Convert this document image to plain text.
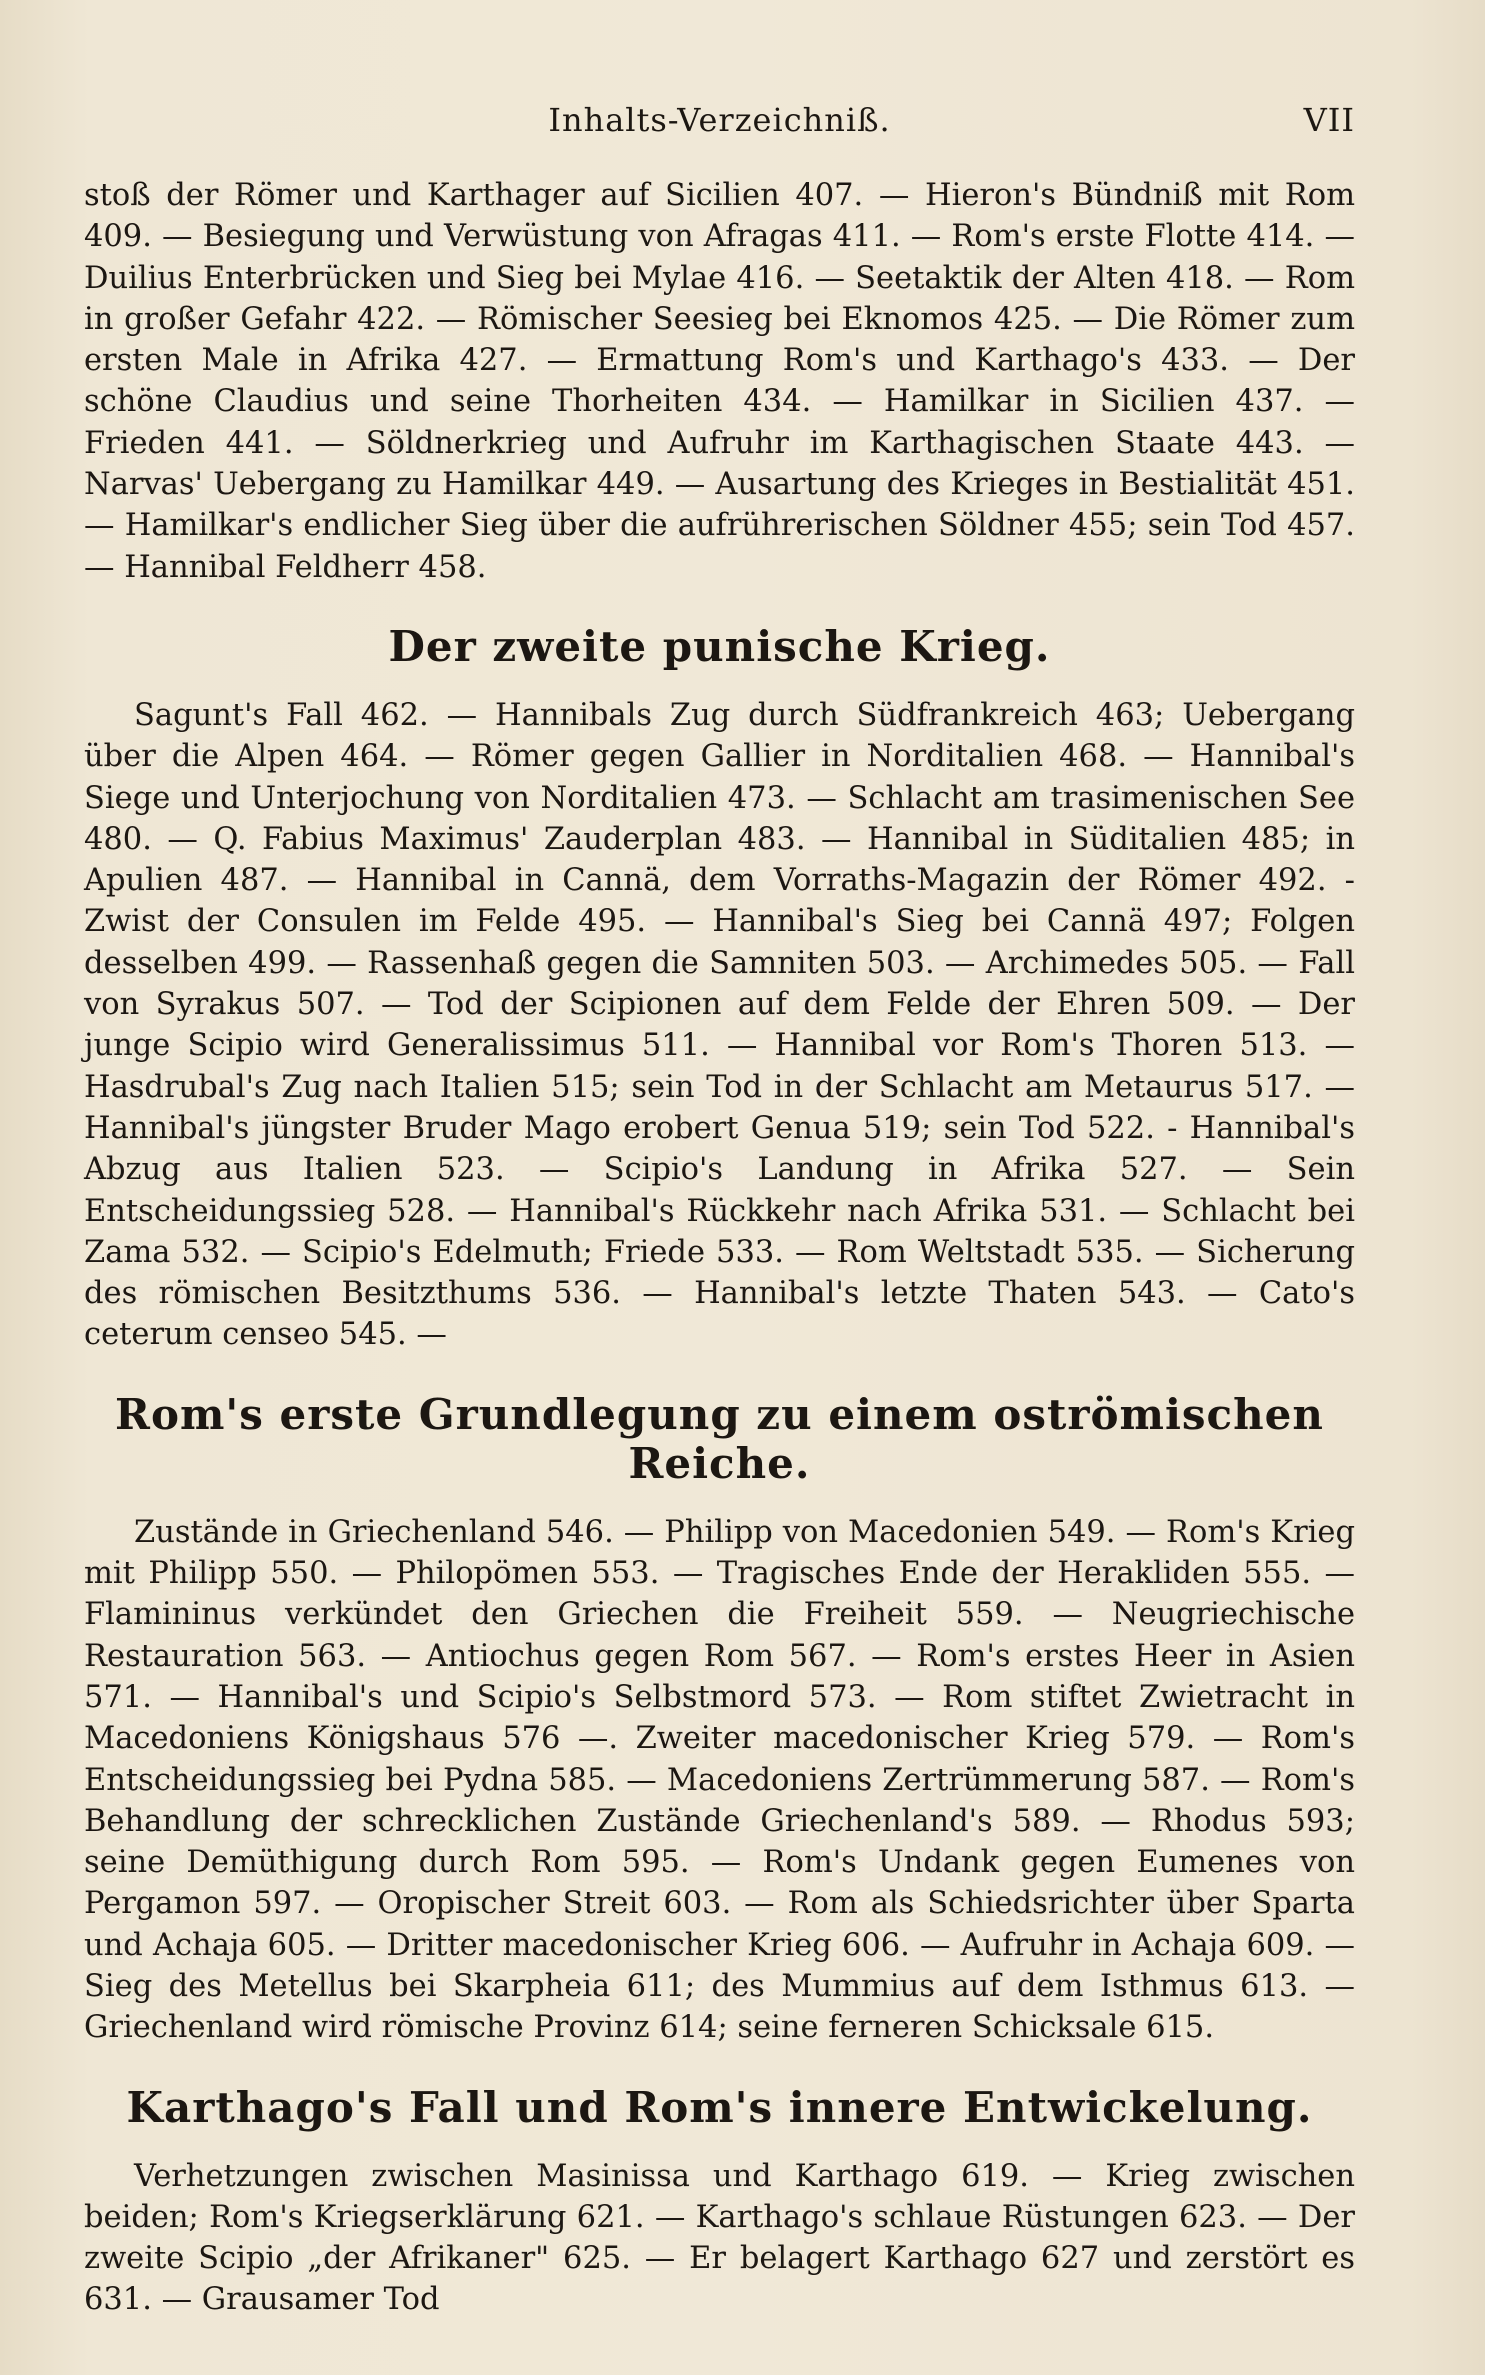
Inhalts-Verzeichniß.	VII

stoß der Römer und Karthager auf Sicilien 407. — Hieron's Bündniß mit Rom 409. — Besiegung und Verwüstung von Afragas 411. — Rom's erste Flotte 414. — Duilius Enterbrücken und Sieg bei Mylae 416. — Seetaktik der Alten 418. — Rom in großer Gefahr 422. — Römischer Seesieg bei Eknomos 425. — Die Römer zum ersten Male in Afrika 427. — Ermattung Rom's und Karthago's 433. — Der schöne Claudius und seine Thorheiten 434. — Hamilkar in Sicilien 437. — Frieden 441. — Söldnerkrieg und Aufruhr im Karthagischen Staate 443. — Narvas' Uebergang zu Hamilkar 449. — Ausartung des Krieges in Bestialität 451. — Hamilkar's endlicher Sieg über die aufrührerischen Söldner 455; sein Tod 457. — Hannibal Feldherr 458.

Der zweite punische Krieg.

Sagunt's Fall 462. — Hannibals Zug durch Südfrankreich 463; Uebergang über die Alpen 464. — Römer gegen Gallier in Norditalien 468. — Hannibal's Siege und Unterjochung von Norditalien 473. — Schlacht am trasimenischen See 480. — Q. Fabius Maximus' Zauderplan 483. — Hannibal in Süditalien 485; in Apulien 487. — Hannibal in Cannä, dem Vorraths-Magazin der Römer 492. - Zwist der Consulen im Felde 495. — Hannibal's Sieg bei Cannä 497; Folgen desselben 499. — Rassenhaß gegen die Samniten 503. — Archimedes 505. — Fall von Syrakus 507. — Tod der Scipionen auf dem Felde der Ehren 509. — Der junge Scipio wird Generalissimus 511. — Hannibal vor Rom's Thoren 513. — Hasdrubal's Zug nach Italien 515; sein Tod in der Schlacht am Metaurus 517. — Hannibal's jüngster Bruder Mago erobert Genua 519; sein Tod 522. - Hannibal's Abzug aus Italien 523. — Scipio's Landung in Afrika 527. — Sein Entscheidungssieg 528. — Hannibal's Rückkehr nach Afrika 531. — Schlacht bei Zama 532. — Scipio's Edelmuth; Friede 533. — Rom Weltstadt 535. — Sicherung des römischen Besitzthums 536. — Hannibal's letzte Thaten 543. — Cato's ceterum censeo 545. —

Rom's erste Grundlegung zu einem oströmischen Reiche.

Zustände in Griechenland 546. — Philipp von Macedonien 549. — Rom's Krieg mit Philipp 550. — Philopömen 553. — Tragisches Ende der Herakliden 555. — Flamininus verkündet den Griechen die Freiheit 559. — Neugriechische Restauration 563. — Antiochus gegen Rom 567. — Rom's erstes Heer in Asien 571. — Hannibal's und Scipio's Selbstmord 573. — Rom stiftet Zwietracht in Macedoniens Königshaus 576 —. Zweiter macedonischer Krieg 579. — Rom's Entscheidungssieg bei Pydna 585. — Macedoniens Zertrümmerung 587. — Rom's Behandlung der schrecklichen Zustände Griechenland's 589. — Rhodus 593; seine Demüthigung durch Rom 595. — Rom's Undank gegen Eumenes von Pergamon 597. — Oropischer Streit 603. — Rom als Schiedsrichter über Sparta und Achaja 605. — Dritter macedonischer Krieg 606. — Aufruhr in Achaja 609. — Sieg des Metellus bei Skarpheia 611; des Mummius auf dem Isthmus 613. — Griechenland wird römische Provinz 614; seine ferneren Schicksale 615.

Karthago's Fall und Rom's innere Entwickelung.

Verhetzungen zwischen Masinissa und Karthago 619. — Krieg zwischen beiden; Rom's Kriegserklärung 621. — Karthago's schlaue Rüstungen 623. — Der zweite Scipio „der Afrikaner" 625. — Er belagert Karthago 627 und zerstört es 631. — Grausamer Tod
